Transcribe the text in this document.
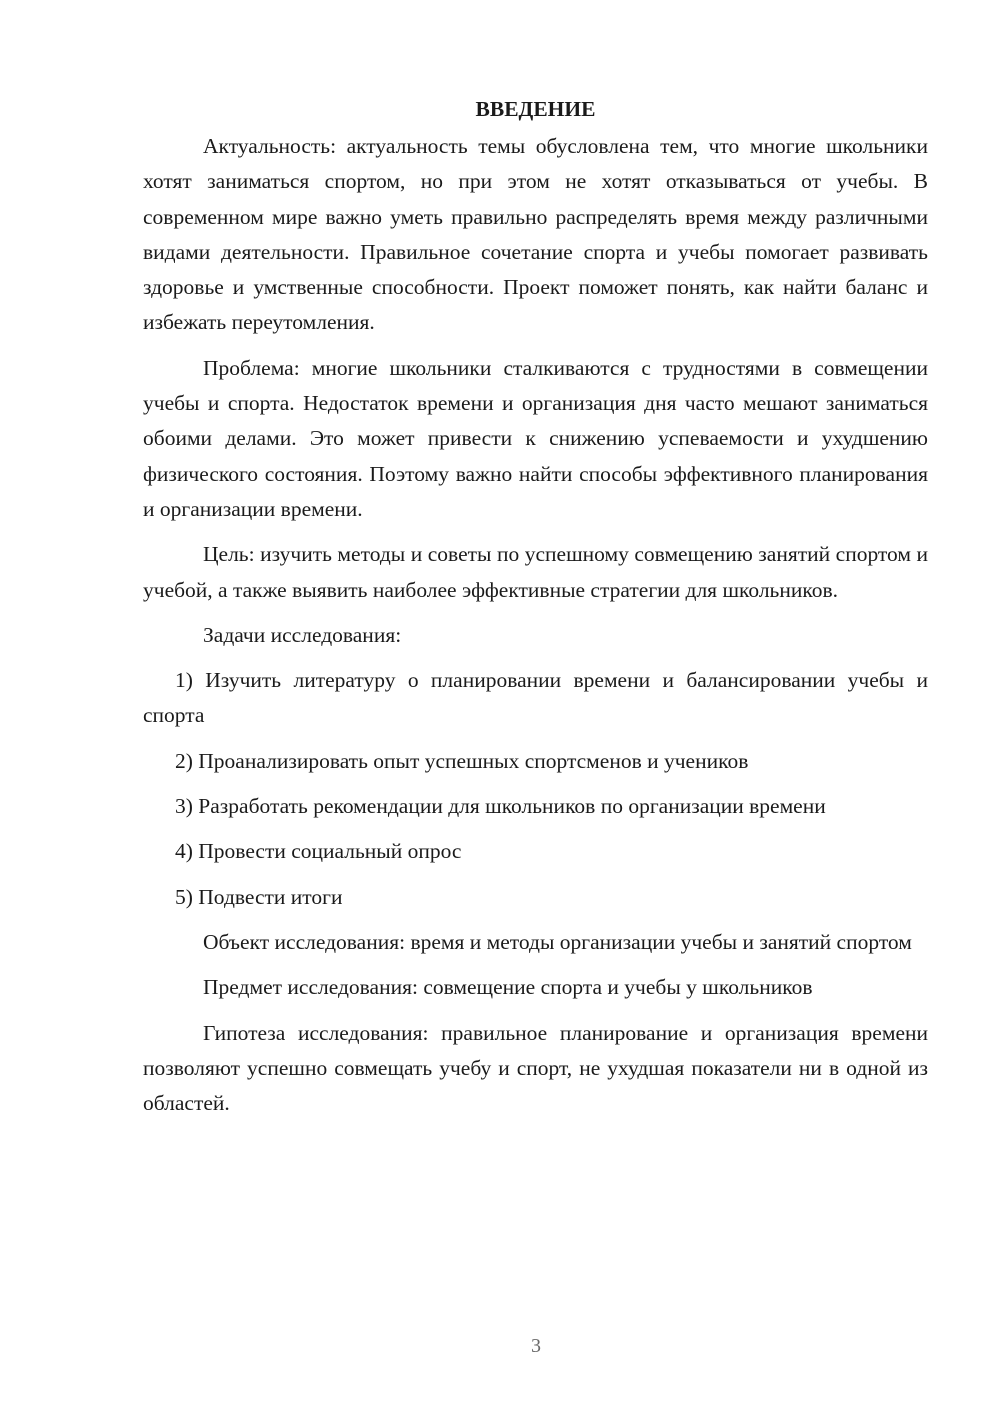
ВВЕДЕНИЕ

Актуальность: актуальность темы обусловлена тем, что многие школьники хотят заниматься спортом, но при этом не хотят отказываться от учебы. В современном мире важно уметь правильно распределять время между различными видами деятельности. Правильное сочетание спорта и учебы помогает развивать здоровье и умственные способности. Проект поможет понять, как найти баланс и избежать переутомления.

Проблема: многие школьники сталкиваются с трудностями в совмещении учебы и спорта. Недостаток времени и организация дня часто мешают заниматься обоими делами. Это может привести к снижению успеваемости и ухудшению физического состояния. Поэтому важно найти способы эффективного планирования и организации времени.

Цель: изучить методы и советы по успешному совмещению занятий спортом и учебой, а также выявить наиболее эффективные стратегии для школьников.

Задачи исследования:

1) Изучить литературу о планировании времени и балансировании учебы и спорта

2) Проанализировать опыт успешных спортсменов и учеников

3) Разработать рекомендации для школьников по организации времени

4) Провести социальный опрос

5) Подвести итоги

Объект исследования: время и методы организации учебы и занятий спортом

Предмет исследования: совмещение спорта и учебы у школьников

Гипотеза исследования: правильное планирование и организация времени позволяют успешно совмещать учебу и спорт, не ухудшая показатели ни в одной из областей.

3
